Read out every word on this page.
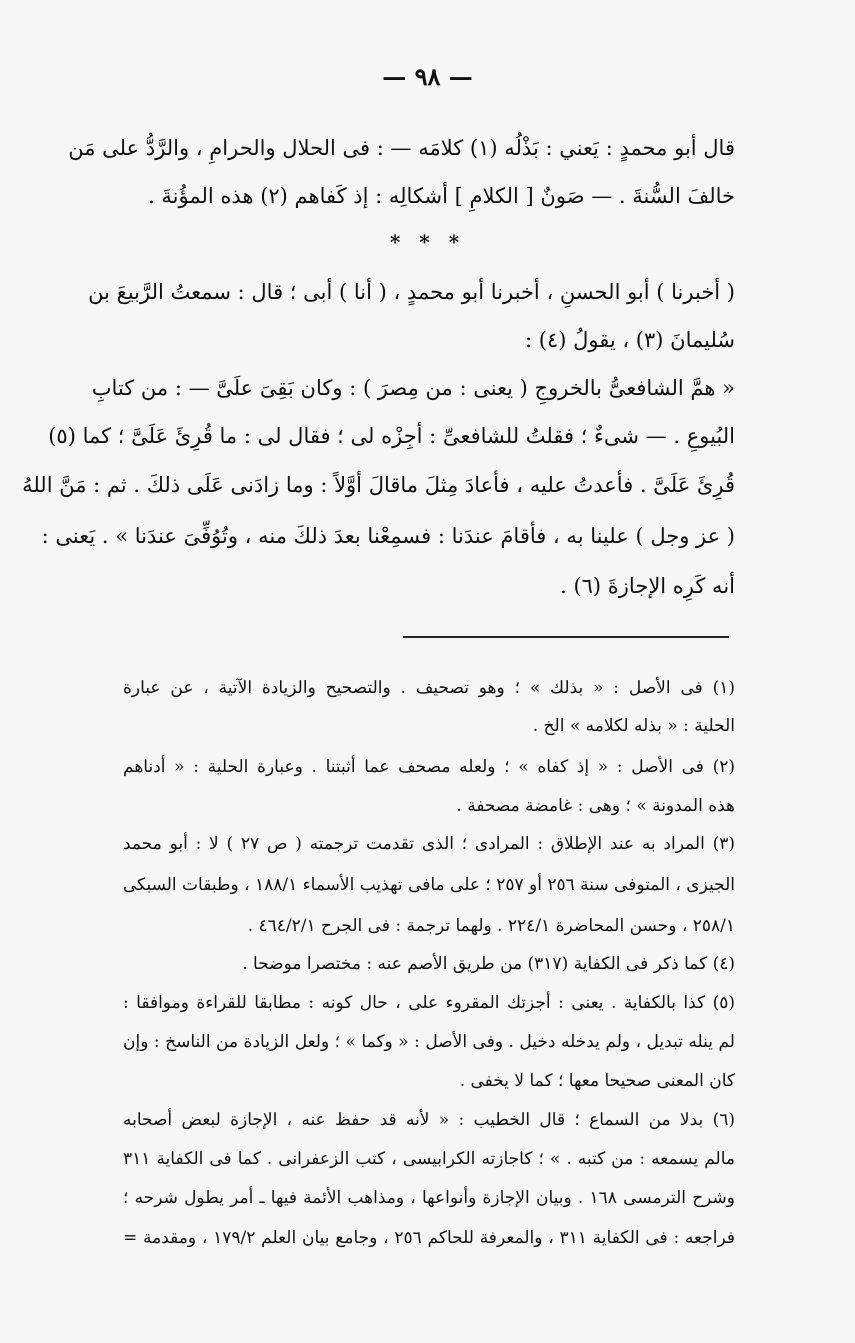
— ٩٨ —
قال أبو محمدٍ : يَعني : بَذْلُه (١) كلامَه — : فى الحلال والحرامِ ، والرَّدُّ على مَن
خالفَ السُّنةَ . — صَونٌ [ الكلامِ ] أشكالِه : إذ كَفاهم (٢) هذه المؤُنةَ .
* * *
( أخبرنا ) أبو الحسنِ ، أخبرنا أبو محمدٍ ، ( أنا ) أبى ؛ قال : سمعتُ الرَّبيعَ بن
سُليمانَ (٣) ، يقولُ (٤) :
« همَّ الشافعىُّ بالخروجِ ( يعنى : من مِصرَ ) : وكان بَقِىَ علَىَّ — : من كتابِ
البُيوعِ . — شىءٌ ؛ فقلتُ للشافعىِّ : أجِزْه لى ؛ فقال لى : ما قُرِئَ عَلَىَّ ؛ كما (٥)
قُرِئَ عَلَىَّ . فأعدتُ عليه ، فأعادَ مِثلَ ماقالَ أوَّلاً : وما زادَنى عَلَى ذلكَ . ثم : مَنَّ اللهُ
( عز وجل ) علينا به ، فأقامَ عندَنا : فسمِعْنا بعدَ ذلكَ منه ، وتُوُفِّىَ عندَنا » . يَعنى :
أنه كَرِه الإجازةَ (٦) .
(١) فى الأصل : « بذلك » ؛ وهو تصحيف . والتصحيح والزيادة الآتية ، عن عبارة
الحلية : « بذله لكلامه » الخ .
(٢) فى الأصل : « إذ كفاه » ؛ ولعله مصحف عما أثبتنا . وعبارة الحلية : « أدناهم
هذه المدونة » ؛ وهى : غامضة مصحفة .
(٣) المراد به عند الإطلاق : المرادى ؛ الذى تقدمت ترجمته ( ص ٢٧ ) لا : أبو محمد
الجيزى ، المتوفى سنة ٢٥٦ أو ٢٥٧ ؛ على مافى تهذيب الأسماء ١٨٨/١ ، وطبقات السبكى
٢٥٨/١ ، وحسن المحاضرة ٢٢٤/١ . ولهما ترجمة : فى الجرح ٤٦٤/٢/١ .
(٤) كما ذكر فى الكفاية (٣١٧) من طريق الأصم عنه : مختصرا موضحا .
(٥) كذا بالكفاية . يعنى : أجزتك المقروء على ، حال كونه : مطابقا للقراءة وموافقا :
لم ينله تبديل ، ولم يدخله دخيل . وفى الأصل : « وكما » ؛ ولعل الزيادة من الناسخ : وإن
كان المعنى صحيحا معها ؛ كما لا يخفى .
(٦) بدلا من السماع ؛ قال الخطيب : « لأنه قد حفظ عنه ، الإجازة لبعض أصحابه
مالم يسمعه : من كتبه . » ؛ كاجازته الكرابيسى ، كتب الزعفرانى . كما فى الكفاية ٣١١
وشرح الترمسى ١٦٨ . وبيان الإجازة وأنواعها ، ومذاهب الأئمة فيها ـ أمر يطول شرحه ؛
فراجعه : فى الكفاية ٣١١ ، والمعرفة للحاكم ٢٥٦ ، وجامع بيان العلم ١٧٩/٢ ، ومقدمة =
